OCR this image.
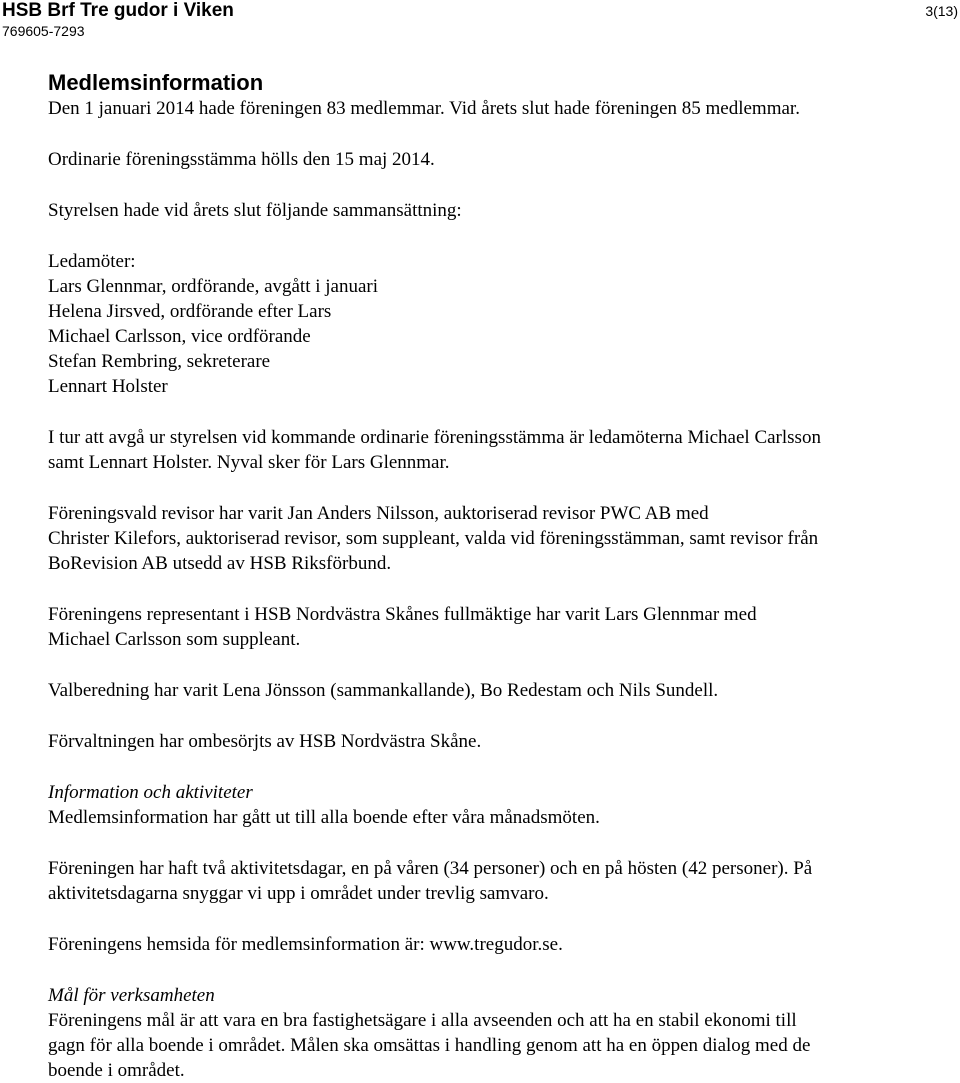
HSB Brf Tre gudor i Viken
769605-7293
3(13)
Medlemsinformation

Den 1 januari 2014 hade föreningen 83 medlemmar. Vid årets slut hade föreningen 85 medlemmar.

Ordinarie föreningsstämma hölls den 15 maj 2014.

Styrelsen hade vid årets slut följande sammansättning:

Ledamöter:
Lars Glennmar, ordförande, avgått i januari
Helena Jirsved, ordförande efter Lars
Michael Carlsson, vice ordförande
Stefan Rembring, sekreterare
Lennart Holster

I tur att avgå ur styrelsen vid kommande ordinarie föreningsstämma är ledamöterna Michael Carlsson
samt Lennart Holster. Nyval sker för Lars Glennmar.

Föreningsvald revisor har varit Jan Anders Nilsson, auktoriserad revisor PWC AB med
Christer Kilefors, auktoriserad revisor, som suppleant, valda vid föreningsstämman, samt revisor från
BoRevision AB utsedd av HSB Riksförbund.

Föreningens representant i HSB Nordvästra Skånes fullmäktige har varit Lars Glennmar med
Michael Carlsson som suppleant.

Valberedning har varit Lena Jönsson (sammankallande), Bo Redestam och Nils Sundell.

Förvaltningen har ombesörjts av HSB Nordvästra Skåne.

Information och aktiviteter

Medlemsinformation har gått ut till alla boende efter våra månadsmöten.

Föreningen har haft två aktivitetsdagar, en på våren (34 personer) och en på hösten (42 personer). På
aktivitetsdagarna snyggar vi upp i området under trevlig samvaro.

Föreningens hemsida för medlemsinformation är: www.tregudor.se.

Mål för verksamheten

Föreningens mål är att vara en bra fastighetsägare i alla avseenden och att ha en stabil ekonomi till
gagn för alla boende i området. Målen ska omsättas i handling genom att ha en öppen dialog med de
boende i området.
